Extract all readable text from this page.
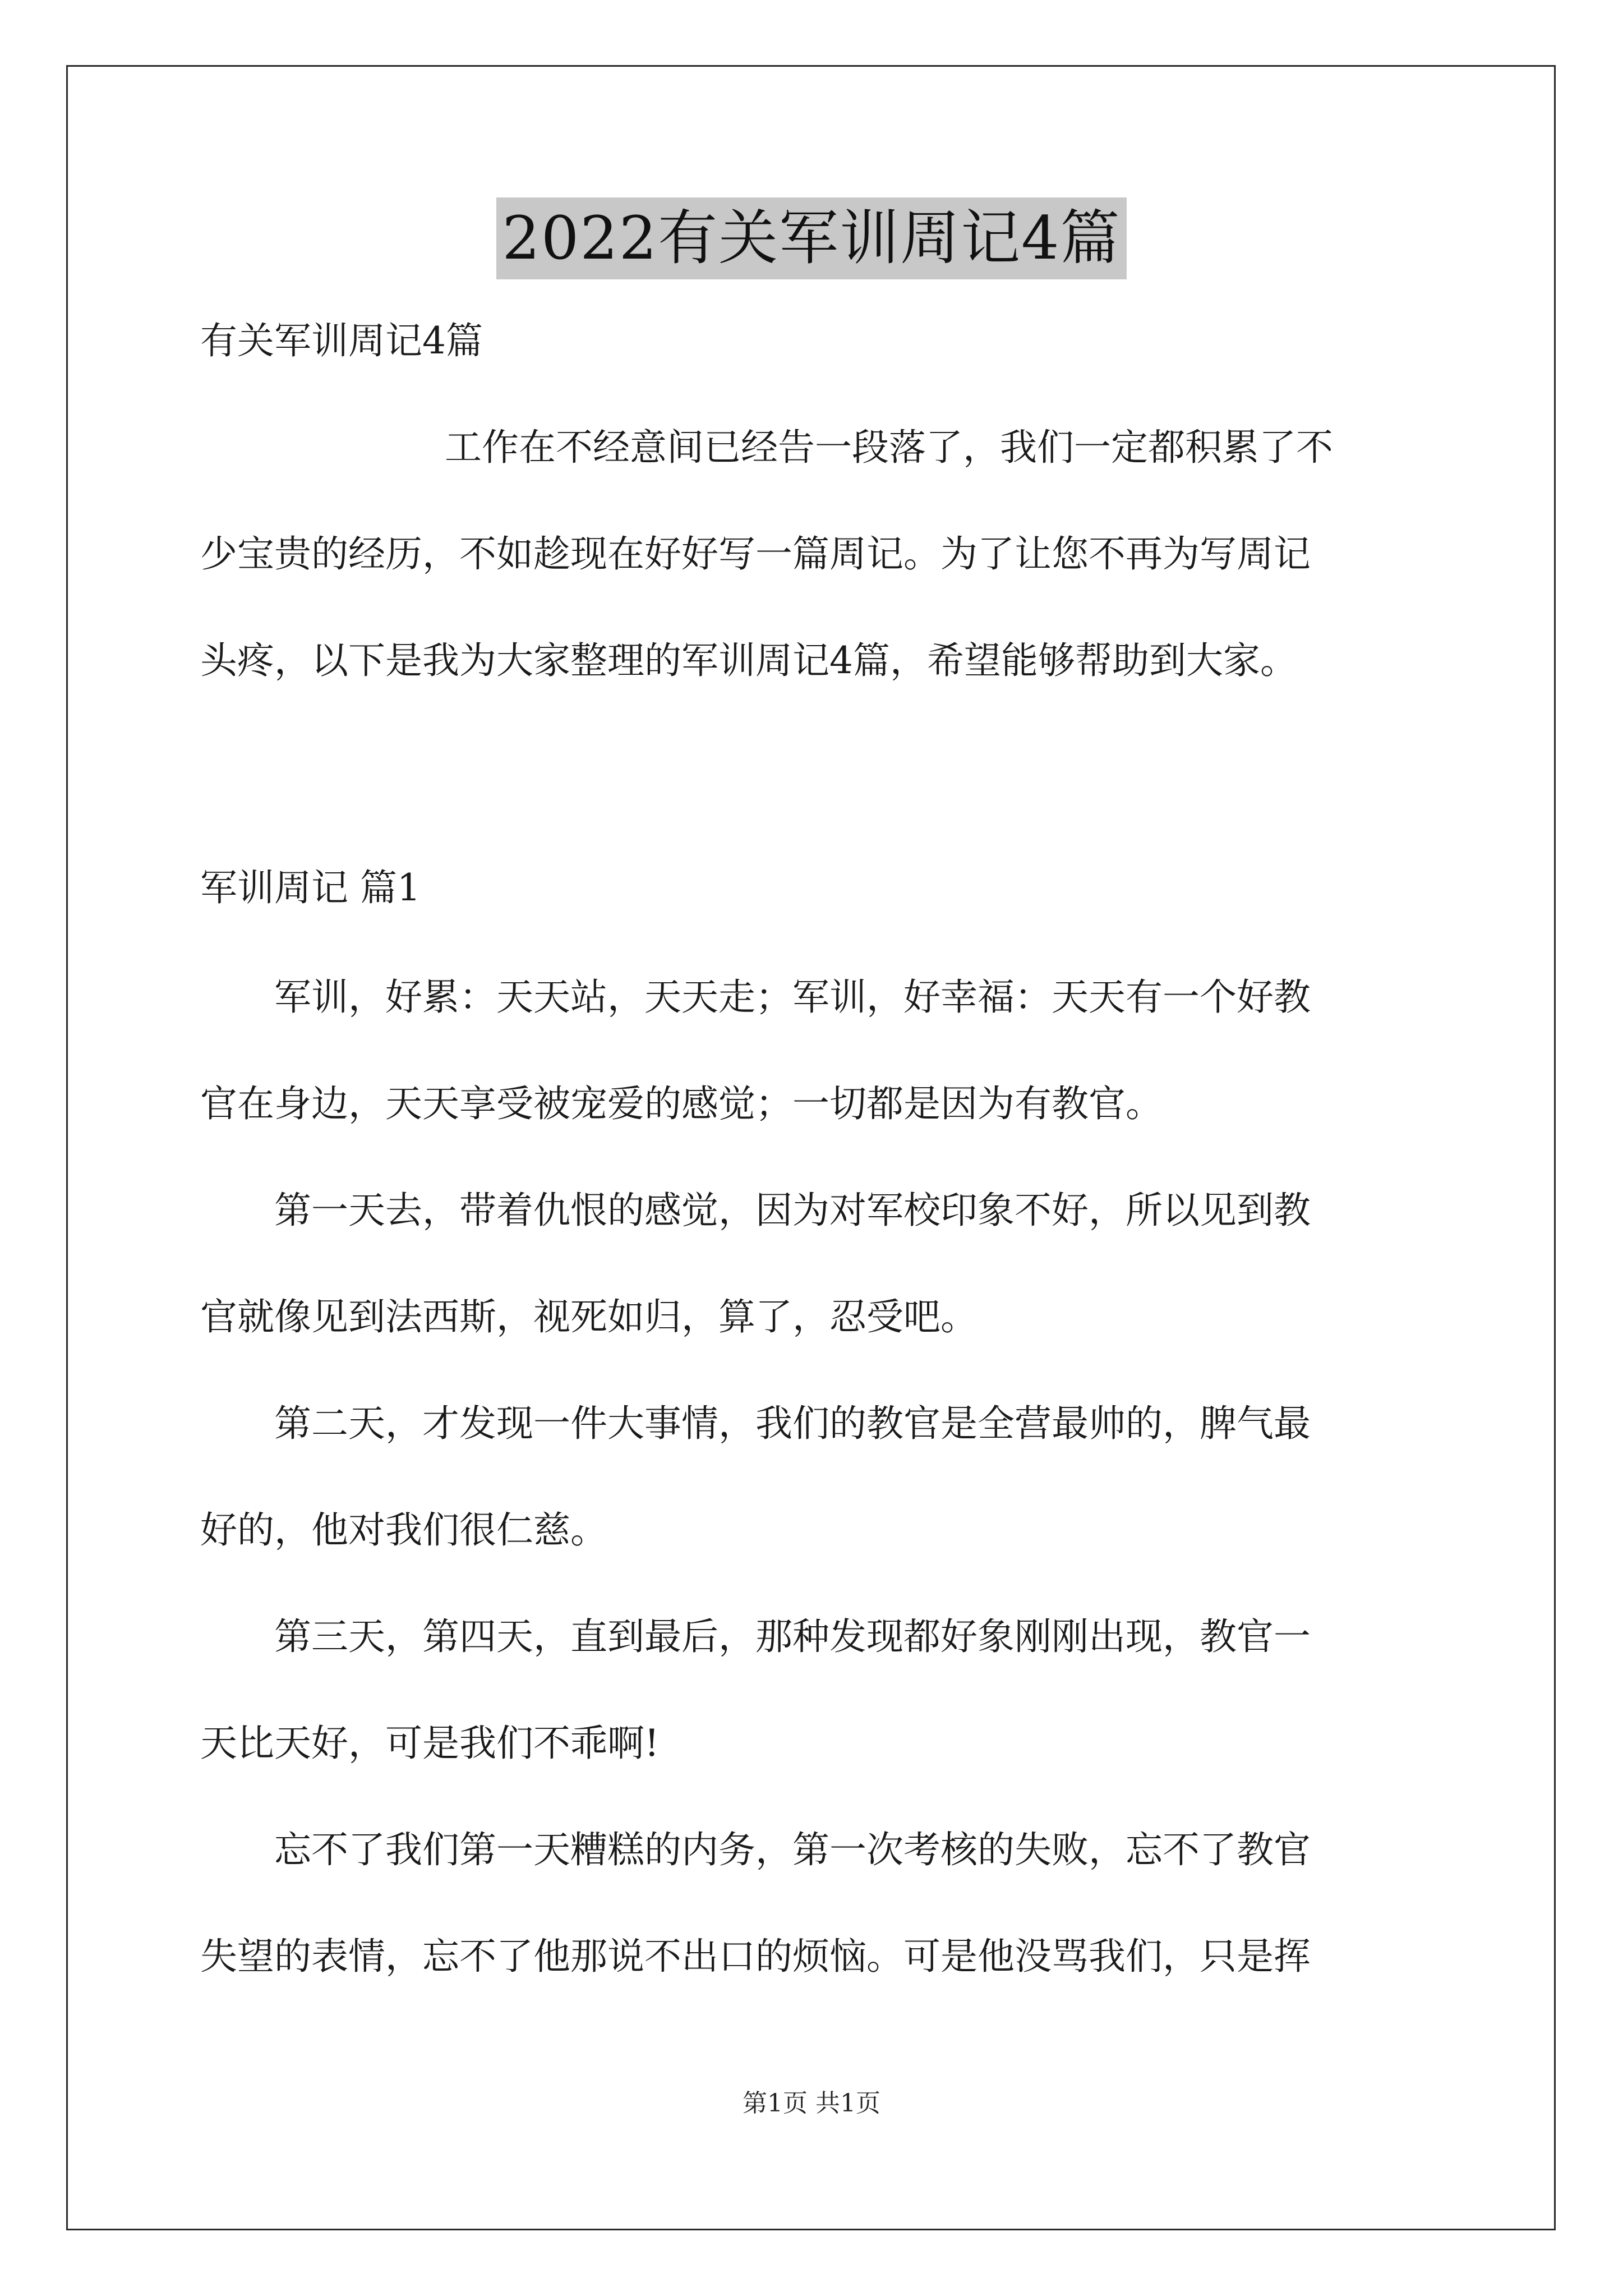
2022有关军训周记4篇

有关军训周记4篇

工作在不经意间已经告一段落了，我们一定都积累了不

少宝贵的经历，不如趁现在好好写一篇周记。为了让您不再为写周记

头疼，以下是我为大家整理的军训周记4篇，希望能够帮助到大家。

军训周记 篇1

军训，好累：天天站，天天走；军训，好幸福：天天有一个好教

官在身边，天天享受被宠爱的感觉；一切都是因为有教官。

第一天去，带着仇恨的感觉，因为对军校印象不好，所以见到教

官就像见到法西斯，视死如归，算了，忍受吧。

第二天，才发现一件大事情，我们的教官是全营最帅的，脾气最

好的，他对我们很仁慈。

第三天，第四天，直到最后，那种发现都好象刚刚出现，教官一

天比天好，可是我们不乖啊!

忘不了我们第一天糟糕的内务，第一次考核的失败，忘不了教官

失望的表情，忘不了他那说不出口的烦恼。可是他没骂我们，只是挥

第1页 共1页
